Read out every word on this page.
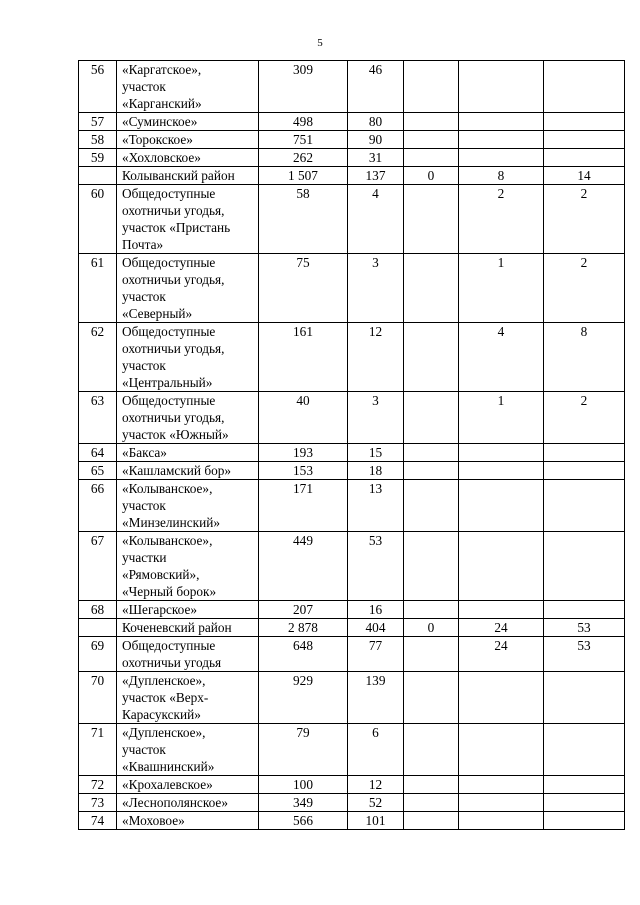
5
56	«Каргатское»,
участок
«Карганский»	309	46			
57	«Суминское»	498	80			
58	«Торокское»	751	90			
59	«Хохловское»	262	31			
	Колыванский район	1 507	137	0	8	14
60	Общедоступные
охотничьи угодья,
участок «Пристань
Почта»	58	4		2	2
61	Общедоступные
охотничьи угодья,
участок
«Северный»	75	3		1	2
62	Общедоступные
охотничьи угодья,
участок
«Центральный»	161	12		4	8
63	Общедоступные
охотничьи угодья,
участок «Южный»	40	3		1	2
64	«Бакса»	193	15			
65	«Кашламский бор»	153	18			
66	«Колыванское»,
участок
«Минзелинский»	171	13			
67	«Колыванское»,
участки
«Рямовский»,
«Черный борок»	449	53			
68	«Шегарское»	207	16			
	Коченевский район	2 878	404	0	24	53
69	Общедоступные
охотничьи угодья	648	77		24	53
70	«Дупленское»,
участок «Верх-
Карасукский»	929	139			
71	«Дупленское»,
участок
«Квашнинский»	79	6			
72	«Крохалевское»	100	12			
73	«Леснополянское»	349	52			
74	«Моховое»	566	101			
